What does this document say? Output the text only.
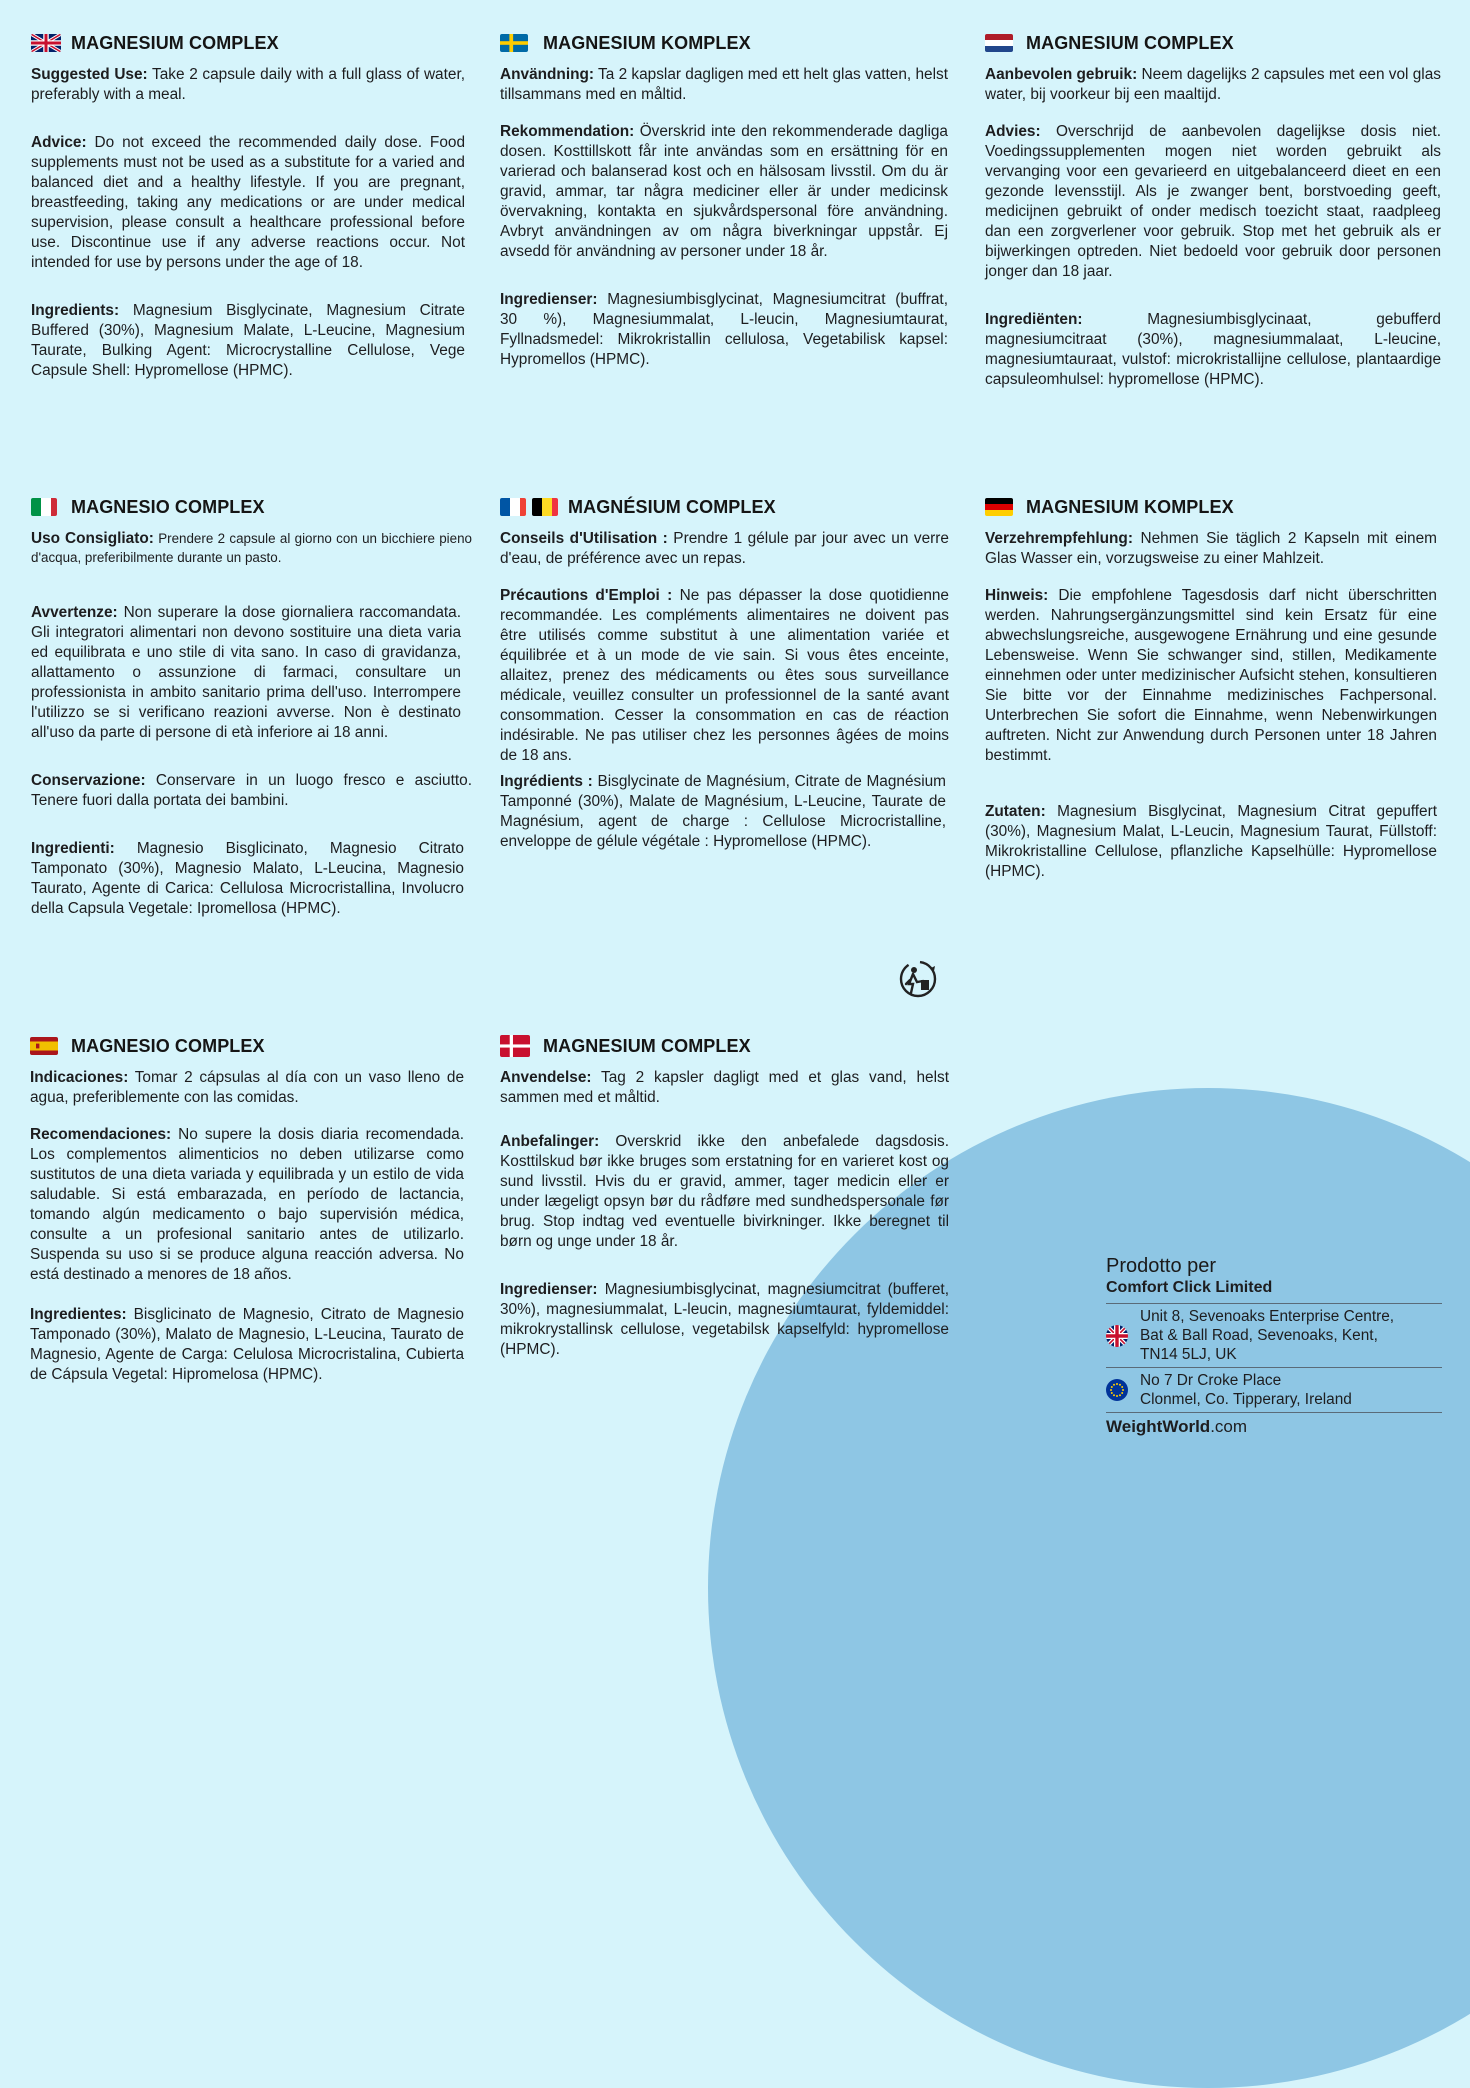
MAGNESIUM COMPLEX

Suggested Use: Take 2 capsule daily with a full glass of water, preferably with a meal.

Advice: Do not exceed the recommended daily dose. Food supplements must not be used as a substitute for a varied and balanced diet and a healthy lifestyle. If you are pregnant, breastfeeding, taking any medications or are under medical supervision, please consult a healthcare professional before use. Discontinue use if any adverse reactions occur. Not intended for use by persons under the age of 18.

Ingredients: Magnesium Bisglycinate, Magnesium Citrate Buffered (30%), Magnesium Malate, L-Leucine, Magnesium Taurate, Bulking Agent: Microcrystalline Cellulose, Vege Capsule Shell: Hypromellose (HPMC).

MAGNESIUM KOMPLEX

Användning: Ta 2 kapslar dagligen med ett helt glas vatten, helst tillsammans med en måltid.

Rekommendation: Överskrid inte den rekommenderade dagliga dosen. Kosttillskott får inte användas som en ersättning för en varierad och balanserad kost och en hälsosam livsstil. Om du är gravid, ammar, tar några mediciner eller är under medicinsk övervakning, kontakta en sjukvårdspersonal före användning. Avbryt användningen av om några biverkningar uppstår. Ej avsedd för användning av personer under 18 år.

Ingredienser: Magnesiumbisglycinat, Magnesiumcitrat (buffrat, 30 %), Magnesiummalat, L-leucin, Magnesiumtaurat, Fyllnadsmedel: Mikrokristallin cellulosa, Vegetabilisk kapsel: Hypromellos (HPMC).

MAGNESIUM COMPLEX

Aanbevolen gebruik: Neem dagelijks 2 capsules met een vol glas water, bij voorkeur bij een maaltijd.

Advies: Overschrijd de aanbevolen dagelijkse dosis niet. Voedingssupplementen mogen niet worden gebruikt als vervanging voor een gevarieerd en uitgebalanceerd dieet en een gezonde levensstijl. Als je zwanger bent, borstvoeding geeft, medicijnen gebruikt of onder medisch toezicht staat, raadpleeg dan een zorgverlener voor gebruik. Stop met het gebruik als er bijwerkingen optreden. Niet bedoeld voor gebruik door personen jonger dan 18 jaar.

Ingrediënten: Magnesiumbisglycinaat, gebufferd magnesiumcitraat (30%), magnesiummalaat, L-leucine, magnesiumtauraat, vulstof: microkristallijne cellulose, plantaardige capsuleomhulsel: hypromellose (HPMC).

MAGNESIO COMPLEX

Uso Consigliato: Prendere 2 capsule al giorno con un bicchiere pieno d'acqua, preferibilmente durante un pasto.

Avvertenze: Non superare la dose giornaliera raccomandata. Gli integratori alimentari non devono sostituire una dieta varia ed equilibrata e uno stile di vita sano. In caso di gravidanza, allattamento o assunzione di farmaci, consultare un professionista in ambito sanitario prima dell'uso. Interrompere l'utilizzo se si verificano reazioni avverse. Non è destinato all'uso da parte di persone di età inferiore ai 18 anni.

Conservazione: Conservare in un luogo fresco e asciutto. Tenere fuori dalla portata dei bambini.

Ingredienti: Magnesio Bisglicinato, Magnesio Citrato Tamponato (30%), Magnesio Malato, L-Leucina, Magnesio Taurato, Agente di Carica: Cellulosa Microcristallina, Involucro della Capsula Vegetale: Ipromellosa (HPMC).

MAGNÉSIUM COMPLEX

Conseils d'Utilisation : Prendre 1 gélule par jour avec un verre d'eau, de préférence avec un repas.

Précautions d'Emploi : Ne pas dépasser la dose quotidienne recommandée. Les compléments alimentaires ne doivent pas être utilisés comme substitut à une alimentation variée et équilibrée et à un mode de vie sain. Si vous êtes enceinte, allaitez, prenez des médicaments ou êtes sous surveillance médicale, veuillez consulter un professionnel de la santé avant consommation. Cesser la consommation en cas de réaction indésirable. Ne pas utiliser chez les personnes âgées de moins de 18 ans.

Ingrédients : Bisglycinate de Magnésium, Citrate de Magnésium Tamponné (30%), Malate de Magnésium, L-Leucine, Taurate de Magnésium, agent de charge : Cellulose Microcristalline, enveloppe de gélule végétale : Hypromellose (HPMC).

MAGNESIUM KOMPLEX

Verzehrempfehlung: Nehmen Sie täglich 2 Kapseln mit einem Glas Wasser ein, vorzugsweise zu einer Mahlzeit.

Hinweis: Die empfohlene Tagesdosis darf nicht überschritten werden. Nahrungsergänzungsmittel sind kein Ersatz für eine abwechslungsreiche, ausgewogene Ernährung und eine gesunde Lebensweise. Wenn Sie schwanger sind, stillen, Medikamente einnehmen oder unter medizinischer Aufsicht stehen, konsultieren Sie bitte vor der Einnahme medizinisches Fachpersonal. Unterbrechen Sie sofort die Einnahme, wenn Nebenwirkungen auftreten. Nicht zur Anwendung durch Personen unter 18 Jahren bestimmt.

Zutaten: Magnesium Bisglycinat, Magnesium Citrat gepuffert (30%), Magnesium Malat, L-Leucin, Magnesium Taurat, Füllstoff: Mikrokristalline Cellulose, pflanzliche Kapselhülle: Hypromellose (HPMC).

MAGNESIO COMPLEX

Indicaciones: Tomar 2 cápsulas al día con un vaso lleno de agua, preferiblemente con las comidas.

Recomendaciones: No supere la dosis diaria recomendada. Los complementos alimenticios no deben utilizarse como sustitutos de una dieta variada y equilibrada y un estilo de vida saludable. Si está embarazada, en período de lactancia, tomando algún medicamento o bajo supervisión médica, consulte a un profesional sanitario antes de utilizarlo. Suspenda su uso si se produce alguna reacción adversa. No está destinado a menores de 18 años.

Ingredientes: Bisglicinato de Magnesio, Citrato de Magnesio Tamponado (30%), Malato de Magnesio, L-Leucina, Taurato de Magnesio, Agente de Carga: Celulosa Microcristalina, Cubierta de Cápsula Vegetal: Hipromelosa (HPMC).

MAGNESIUM COMPLEX

Anvendelse: Tag 2 kapsler dagligt med et glas vand, helst sammen med et måltid.

Anbefalinger: Overskrid ikke den anbefalede dagsdosis. Kosttilskud bør ikke bruges som erstatning for en varieret kost og sund livsstil. Hvis du er gravid, ammer, tager medicin eller er under lægeligt opsyn bør du rådføre med sundhedspersonale før brug. Stop indtag ved eventuelle bivirkninger. Ikke beregnet til børn og unge under 18 år.

Ingredienser: Magnesiumbisglycinat, magnesiumcitrat (bufferet, 30%), magnesiummalat, L-leucin, magnesiumtaurat, fyldemiddel: mikrokrystallinsk cellulose, vegetabilsk kapselfyld: hypromellose (HPMC).

Prodotto per
Comfort Click Limited
Unit 8, Sevenoaks Enterprise Centre,
Bat & Ball Road, Sevenoaks, Kent,
TN14 5LJ, UK
No 7 Dr Croke Place
Clonmel, Co. Tipperary, Ireland
WeightWorld.com
